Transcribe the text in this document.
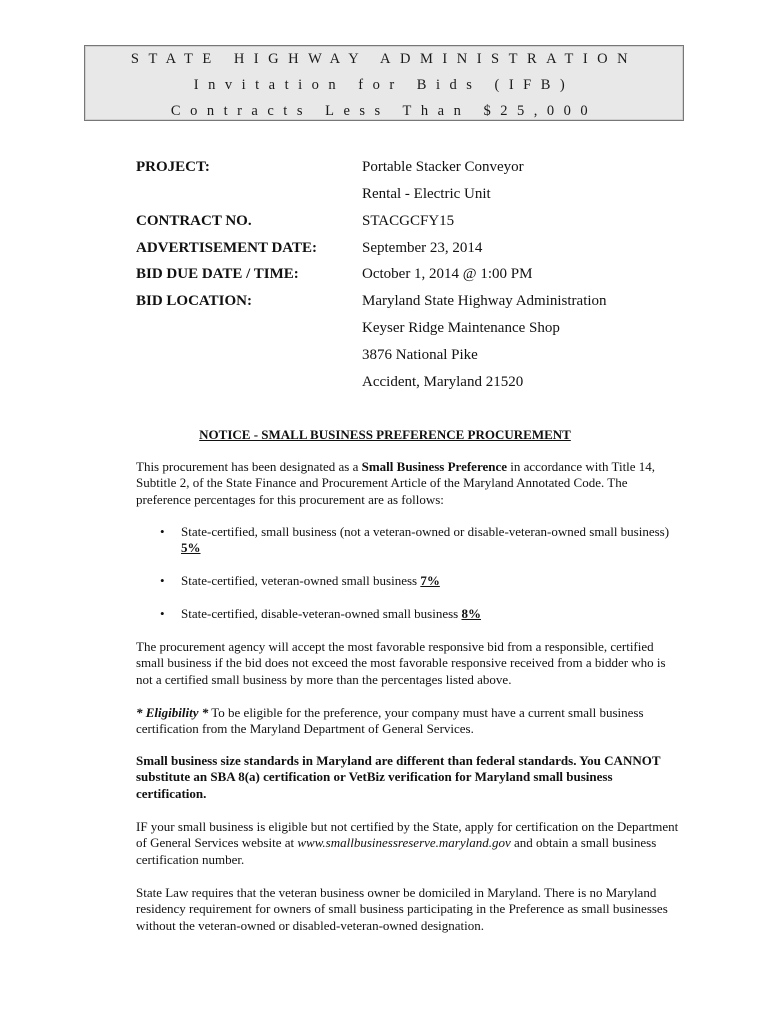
STATE HIGHWAY ADMINISTRATION
Invitation for Bids (IFB)
Contracts Less Than $25,000
PROJECT:	Portable Stacker Conveyor
Rental - Electric Unit
CONTRACT NO.	STACGCFY15
ADVERTISEMENT DATE:	September 23, 2014
BID DUE DATE / TIME:	October 1, 2014 @ 1:00 PM
BID LOCATION:	Maryland State Highway Administration
Keyser Ridge Maintenance Shop
3876 National Pike
Accident, Maryland 21520
NOTICE - SMALL BUSINESS PREFERENCE PROCUREMENT
This procurement has been designated as a Small Business Preference in accordance with Title 14, Subtitle 2, of the State Finance and Procurement Article of the Maryland Annotated Code. The preference percentages for this procurement are as follows:
• State-certified, small business (not a veteran-owned or disable-veteran-owned small business) 5%
• State-certified, veteran-owned small business 7%
• State-certified, disable-veteran-owned small business 8%
The procurement agency will accept the most favorable responsive bid from a responsible, certified small business if the bid does not exceed the most favorable responsive received from a bidder who is not a certified small business by more than the percentages listed above.
* Eligibility * To be eligible for the preference, your company must have a current small business certification from the Maryland Department of General Services.
Small business size standards in Maryland are different than federal standards. You CANNOT substitute an SBA 8(a) certification or VetBiz verification for Maryland small business certification.
IF your small business is eligible but not certified by the State, apply for certification on the Department of General Services website at www.smallbusinessreserve.maryland.gov and obtain a small business certification number.
State Law requires that the veteran business owner be domiciled in Maryland. There is no Maryland residency requirement for owners of small business participating in the Preference as small businesses without the veteran-owned or disabled-veteran-owned designation.
